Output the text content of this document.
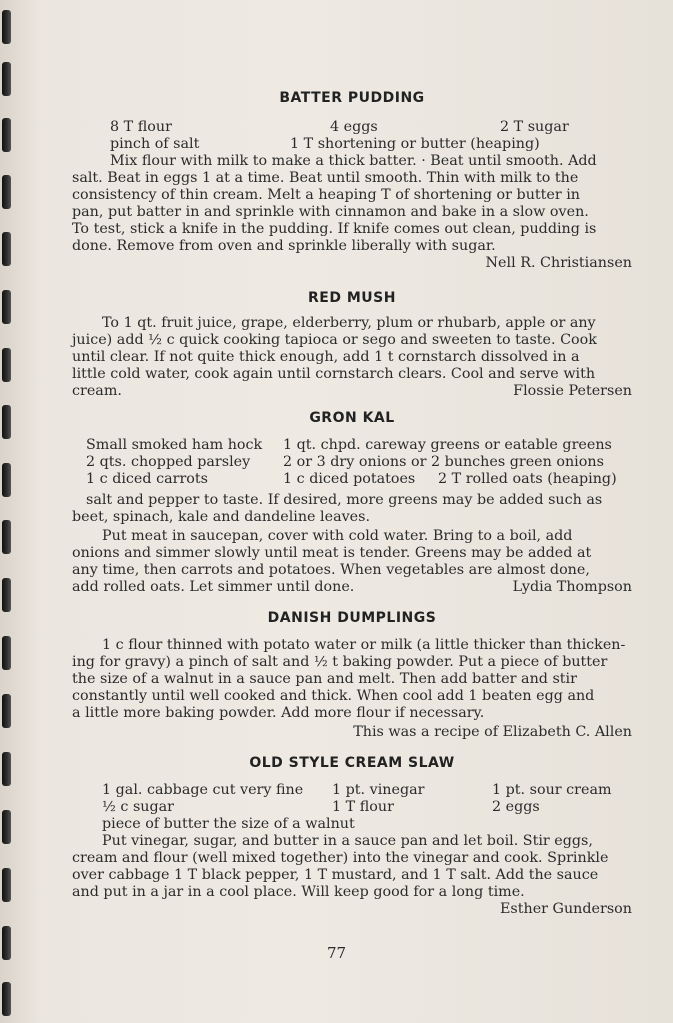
BATTER PUDDING
8 T flour	4 eggs	2 T sugar
pinch of salt	1 T shortening or butter (heaping)

Mix flour with milk to make a thick batter. · Beat until smooth. Add

salt. Beat in eggs 1 at a time. Beat until smooth. Thin with milk to the

consistency of thin cream. Melt a heaping T of shortening or butter in

pan, put batter in and sprinkle with cinnamon and bake in a slow oven.

To test, stick a knife in the pudding. If knife comes out clean, pudding is

done. Remove from oven and sprinkle liberally with sugar.

Nell R. Christiansen

RED MUSH

To 1 qt. fruit juice, grape, elderberry, plum or rhubarb, apple or any

juice) add ½ c quick cooking tapioca or sego and sweeten to taste. Cook

until clear. If not quite thick enough, add 1 t cornstarch dissolved in a

little cold water, cook again until cornstarch clears. Cool and serve with

cream.	Flossie Petersen
GRON KAL
Small smoked ham hock	1 qt. chpd. careway greens or eatable greens
2 qts. chopped parsley	2 or 3 dry onions or 2 bunches green onions
1 c diced carrots	1 c diced potatoes	2 T rolled oats (heaping)

salt and pepper to taste. If desired, more greens may be added such as

beet, spinach, kale and dandeline leaves.

Put meat in saucepan, cover with cold water. Bring to a boil, add

onions and simmer slowly until meat is tender. Greens may be added at

any time, then carrots and potatoes. When vegetables are almost done,

add rolled oats. Let simmer until done.	Lydia Thompson
DANISH DUMPLINGS

1 c flour thinned with potato water or milk (a little thicker than thicken-

ing for gravy) a pinch of salt and ½ t baking powder. Put a piece of butter

the size of a walnut in a sauce pan and melt. Then add batter and stir

constantly until well cooked and thick. When cool add 1 beaten egg and

a little more baking powder. Add more flour if necessary.

This was a recipe of Elizabeth C. Allen

OLD STYLE CREAM SLAW
1 gal. cabbage cut very fine	1 pt. vinegar	1 pt. sour cream
½ c sugar	1 T flour	2 eggs
piece of butter the size of a walnut

Put vinegar, sugar, and butter in a sauce pan and let boil. Stir eggs,

cream and flour (well mixed together) into the vinegar and cook. Sprinkle

over cabbage 1 T black pepper, 1 T mustard, and 1 T salt. Add the sauce

and put in a jar in a cool place. Will keep good for a long time.

Esther Gunderson

77
